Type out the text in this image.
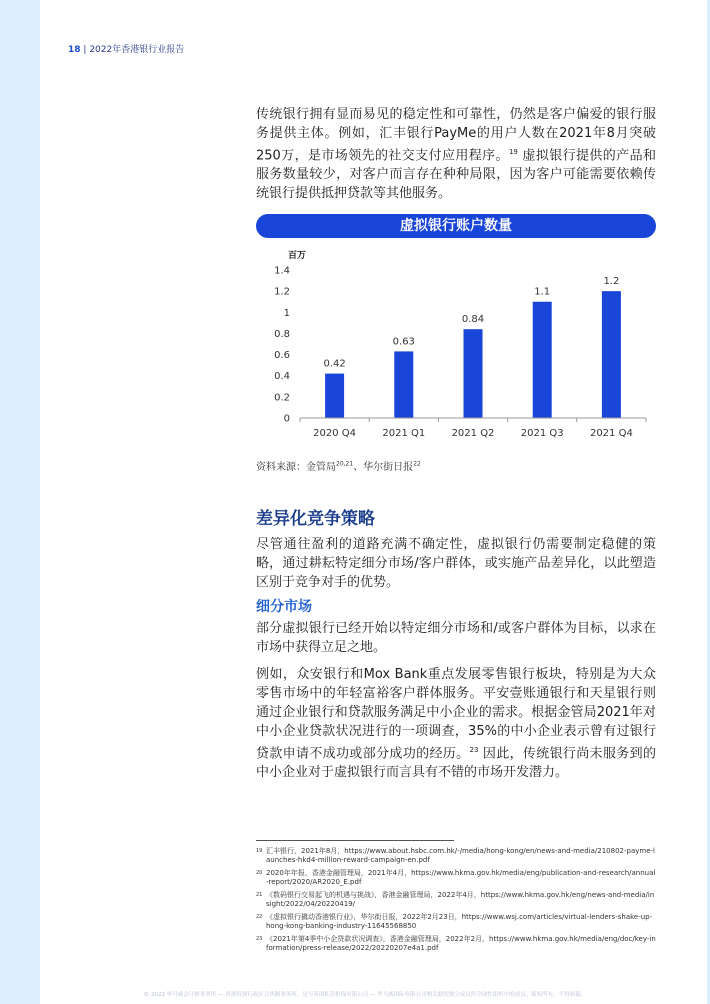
18 | 2022年香港银行业报告

传统银行拥有显而易见的稳定性和可靠性，仍然是客户偏爱的银行服务提供主体。例如，汇丰银行PayMe的用户人数在2021年8月突破250万，是市场领先的社交支付应用程序。$^{19}$ 虚拟银行提供的产品和服务数量较少，对客户而言存在种种局限，因为客户可能需要依赖传统银行提供抵押贷款等其他服务。

虚拟银行账户数量
百万
0
0.2
0.4
0.6
0.8
1
1.2
1.4
0.42
0.63
0.84
1.1
1.2
2020 Q4	2021 Q1	2021 Q2	2021 Q3	2021 Q4
资料来源：金管局$^{20,21}$、华尔街日报$^{22}$
差异化竞争策略

尽管通往盈利的道路充满不确定性，虚拟银行仍需要制定稳健的策略，通过耕耘特定细分市场/客户群体，或实施产品差异化，以此塑造区别于竞争对手的优势。

细分市场

部分虚拟银行已经开始以特定细分市场和/或客户群体为目标，以求在市场中获得立足之地。

例如，众安银行和Mox Bank重点发展零售银行板块，特别是为大众零售市场中的年轻富裕客户群体服务。平安壹账通银行和天星银行则通过企业银行和贷款服务满足中小企业的需求。根据金管局2021年对中小企业贷款状况进行的一项调查，35%的中小企业表示曾有过银行贷款申请不成功或部分成功的经历。$^{23}$ 因此，传统银行尚未服务到的中小企业对于虚拟银行而言具有不错的市场开发潜力。

19 汇丰银行，2021年8月，https://www.about.hsbc.com.hk/-/media/hong-kong/en/news-and-media/210802-payme-launches-hkd4-million-reward-campaign-en.pdf
20 2020年年报，香港金融管理局，2021年4月，https://www.hkma.gov.hk/media/eng/publication-and-research/annual-report/2020/AR2020_E.pdf
21 《数码银行交易起飞的机遇与挑战》，香港金融管理局，2022年4月，https://www.hkma.gov.hk/eng/news-and-media/insight/2022/04/20220419/
22 《虚拟银行撬动香港银行业》，华尔街日报，2022年2月23日，https://www.wsj.com/articles/virtual-lenders-shake-up-hong-kong-banking-industry-11645568850
23 《2021年第4季中小企贷款状况调查》，香港金融管理局，2022年2月，https://www.hkma.gov.hk/media/eng/doc/key-information/press-release/2022/20220207e4a1.pdf
© 2022 毕马威会计师事务所 — 香港特别行政区合伙制事务所，是与英国私营担保有限公司 — 毕马威国际有限公司相关联的独立成员所全球性组织中的成员。版权所有，不得转载。
